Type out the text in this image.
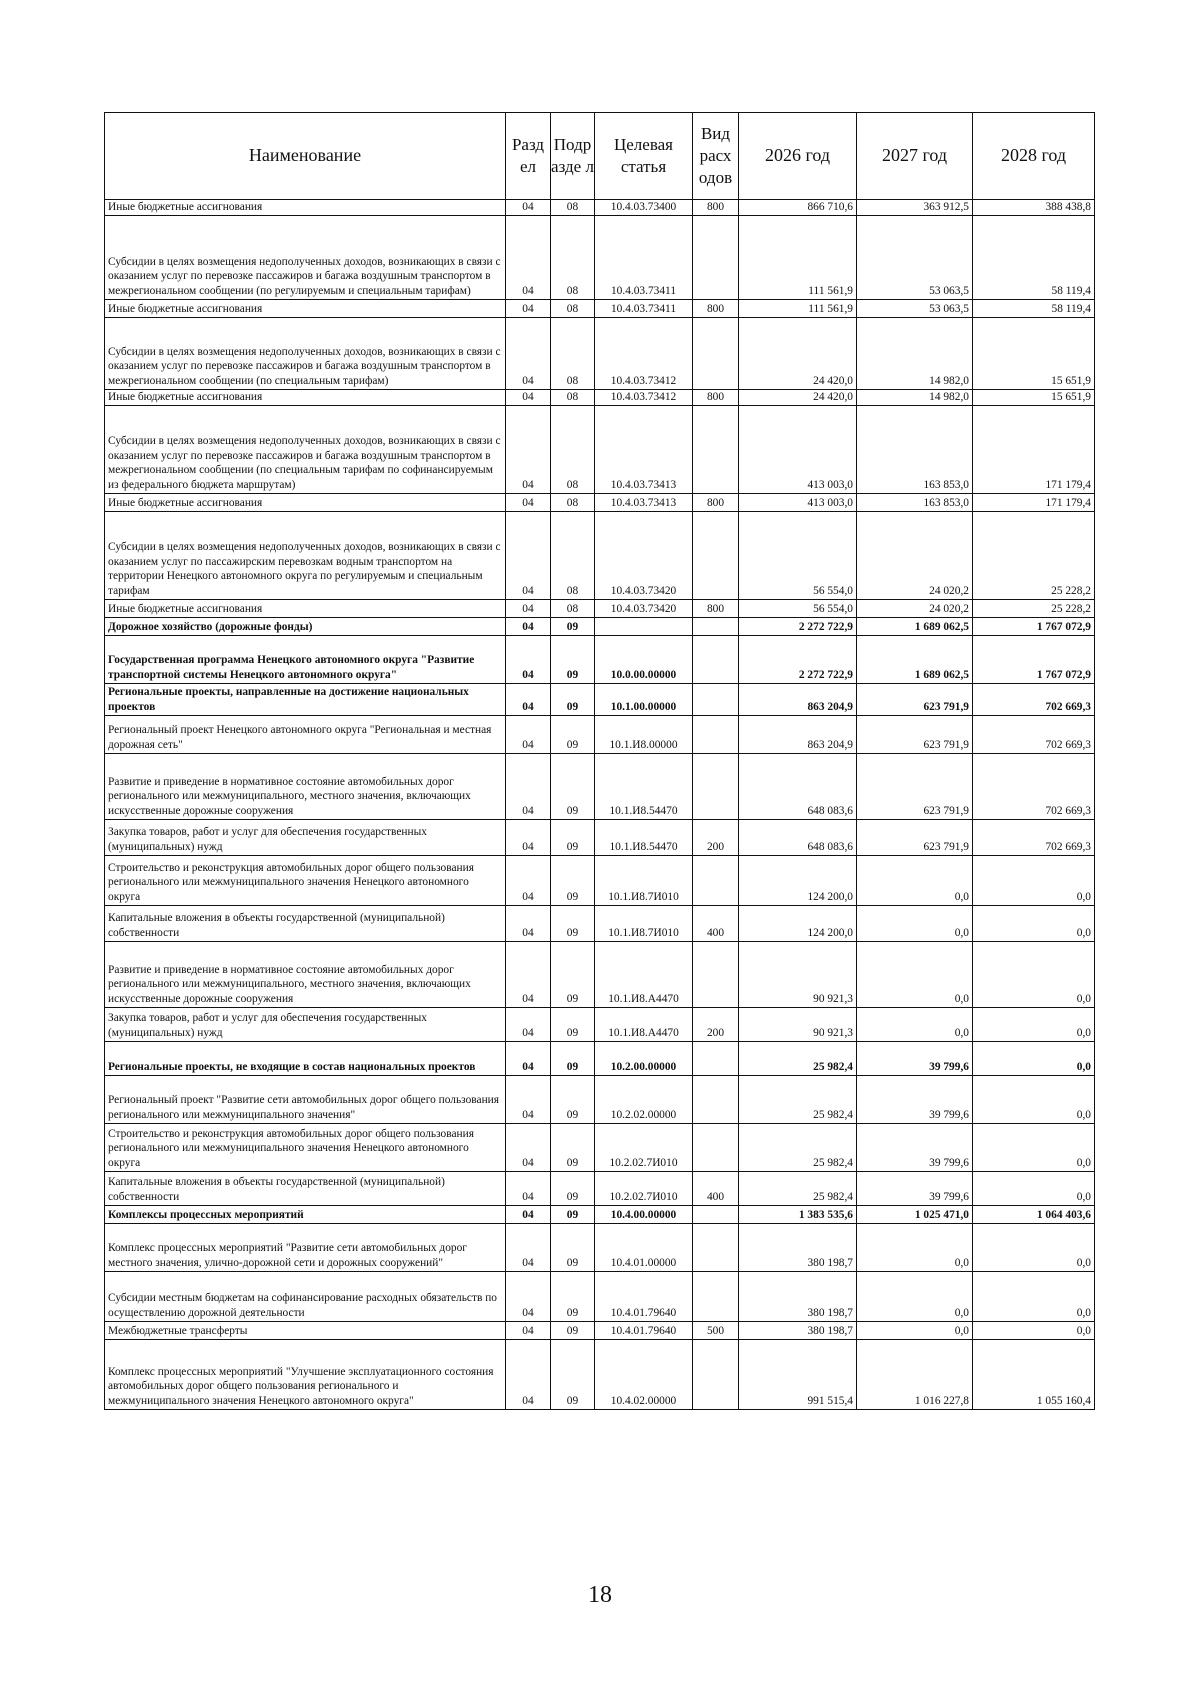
Наименование	Разд ел	Подр азде л	Целевая статья	Вид расх одов	2026 год	2027 год	2028 год
Иные бюджетные ассигнования	04	08	10.4.03.73400	800	866 710,6	363 912,5	388 438,8
Субсидии в целях возмещения недополученных доходов, возникающих в связи с оказанием услуг по перевозке пассажиров и багажа воздушным транспортом в межрегиональном сообщении (по регулируемым и специальным тарифам)	04	08	10.4.03.73411		111 561,9	53 063,5	58 119,4
Иные бюджетные ассигнования	04	08	10.4.03.73411	800	111 561,9	53 063,5	58 119,4
Субсидии в целях возмещения недополученных доходов, возникающих в связи с оказанием услуг по перевозке пассажиров и багажа воздушным транспортом в межрегиональном сообщении (по специальным тарифам)	04	08	10.4.03.73412		24 420,0	14 982,0	15 651,9
Иные бюджетные ассигнования	04	08	10.4.03.73412	800	24 420,0	14 982,0	15 651,9
Субсидии в целях возмещения недополученных доходов, возникающих в связи с оказанием услуг по перевозке пассажиров и багажа воздушным транспортом в межрегиональном сообщении (по специальным тарифам по софинансируемым из федерального бюджета маршрутам)	04	08	10.4.03.73413		413 003,0	163 853,0	171 179,4
Иные бюджетные ассигнования	04	08	10.4.03.73413	800	413 003,0	163 853,0	171 179,4
Субсидии в целях возмещения недополученных доходов, возникающих в связи с оказанием услуг по пассажирским перевозкам водным транспортом на территории Ненецкого автономного округа по регулируемым и специальным тарифам	04	08	10.4.03.73420		56 554,0	24 020,2	25 228,2
Иные бюджетные ассигнования	04	08	10.4.03.73420	800	56 554,0	24 020,2	25 228,2
Дорожное хозяйство (дорожные фонды)	04	09			2 272 722,9	1 689 062,5	1 767 072,9
Государственная программа Ненецкого автономного округа "Развитие транспортной системы Ненецкого автономного округа"	04	09	10.0.00.00000		2 272 722,9	1 689 062,5	1 767 072,9
Региональные проекты, направленные на достижение национальных проектов	04	09	10.1.00.00000		863 204,9	623 791,9	702 669,3
Региональный проект Ненецкого автономного округа "Региональная и местная дорожная сеть"	04	09	10.1.И8.00000		863 204,9	623 791,9	702 669,3
Развитие и приведение в нормативное состояние автомобильных дорог регионального или межмуниципального, местного значения, включающих искусственные дорожные сооружения	04	09	10.1.И8.54470		648 083,6	623 791,9	702 669,3
Закупка товаров, работ и услуг для обеспечения государственных (муниципальных) нужд	04	09	10.1.И8.54470	200	648 083,6	623 791,9	702 669,3
Строительство и реконструкция автомобильных дорог общего пользования регионального или межмуниципального значения Ненецкого автономного округа	04	09	10.1.И8.7И010		124 200,0	0,0	0,0
Капитальные вложения в объекты государственной (муниципальной) собственности	04	09	10.1.И8.7И010	400	124 200,0	0,0	0,0
Развитие и приведение в нормативное состояние автомобильных дорог регионального или межмуниципального, местного значения, включающих искусственные дорожные сооружения	04	09	10.1.И8.А4470		90 921,3	0,0	0,0
Закупка товаров, работ и услуг для обеспечения государственных (муниципальных) нужд	04	09	10.1.И8.А4470	200	90 921,3	0,0	0,0
Региональные проекты, не входящие в состав национальных проектов	04	09	10.2.00.00000		25 982,4	39 799,6	0,0
Региональный проект "Развитие сети автомобильных дорог общего пользования регионального или межмуниципального значения"	04	09	10.2.02.00000		25 982,4	39 799,6	0,0
Строительство и реконструкция автомобильных дорог общего пользования регионального или межмуниципального значения Ненецкого автономного округа	04	09	10.2.02.7И010		25 982,4	39 799,6	0,0
Капитальные вложения в объекты государственной (муниципальной) собственности	04	09	10.2.02.7И010	400	25 982,4	39 799,6	0,0
Комплексы процессных мероприятий	04	09	10.4.00.00000		1 383 535,6	1 025 471,0	1 064 403,6
Комплекс процессных мероприятий "Развитие сети автомобильных дорог местного значения, улично-дорожной сети и дорожных сооружений"	04	09	10.4.01.00000		380 198,7	0,0	0,0
Субсидии местным бюджетам на софинансирование расходных обязательств по осуществлению дорожной деятельности	04	09	10.4.01.79640		380 198,7	0,0	0,0
Межбюджетные трансферты	04	09	10.4.01.79640	500	380 198,7	0,0	0,0
Комплекс процессных мероприятий "Улучшение эксплуатационного состояния автомобильных дорог общего пользования регионального и межмуниципального значения Ненецкого автономного округа"	04	09	10.4.02.00000		991 515,4	1 016 227,8	1 055 160,4
18
